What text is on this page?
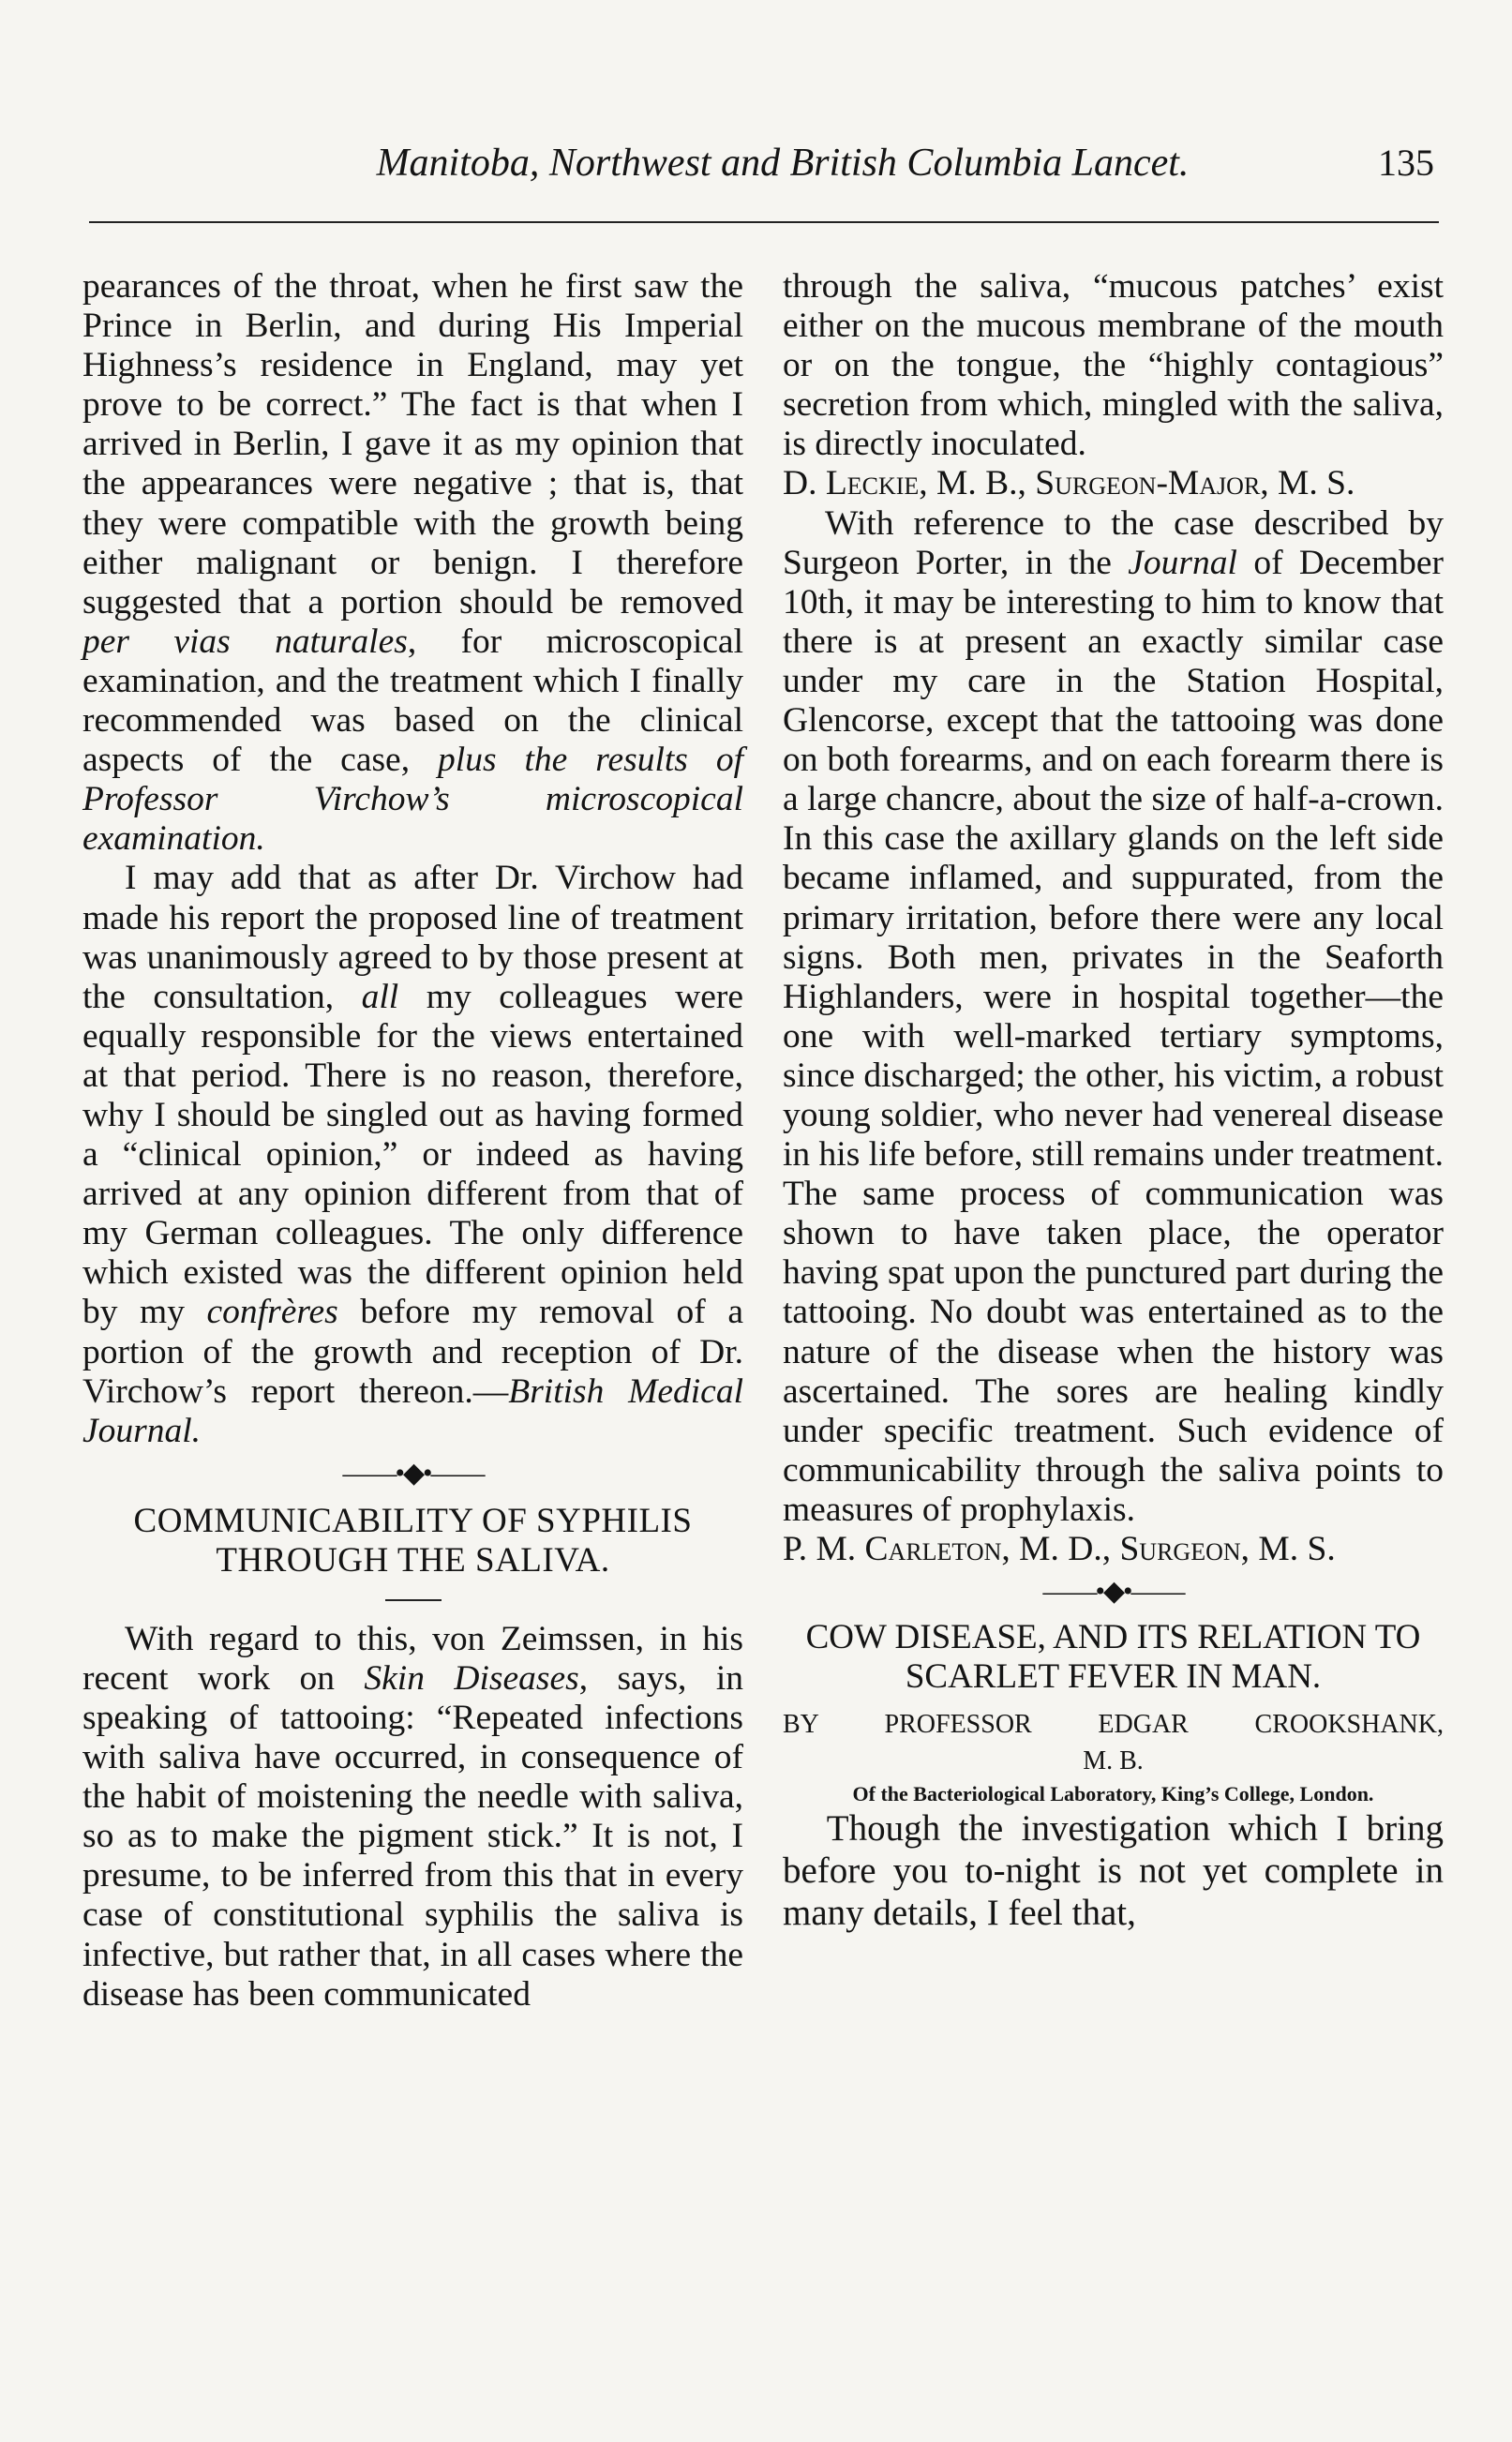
Manitoba, Northwest and British Columbia Lancet.	135

pearances of the throat, when he first saw the Prince in Berlin, and during His Imperial Highness’s residence in England, may yet prove to be correct.” The fact is that when I arrived in Berlin, I gave it as my opinion that the appearances were negative ; that is, that they were compatible with the growth being either malignant or benign. I therefore suggested that a portion should be removed per vias naturales, for microscopical examination, and the treatment which I finally recommended was based on the clinical aspects of the case, plus the results of Professor Virchow’s microscopical examination.

I may add that as after Dr. Virchow had made his report the proposed line of treatment was unanimously agreed to by those present at the consultation, all my colleagues were equally responsible for the views entertained at that period. There is no reason, therefore, why I should be singled out as having formed a “clinical opinion,” or indeed as having arrived at any opinion different from that of my German colleagues. The only difference which existed was the different opinion held by my confrères before my removal of a portion of the growth and reception of Dr. Virchow’s report thereon.—British Medical Journal.

——•◆•——
COMMUNICABILITY OF SYPHILIS THROUGH THE SALIVA.

With regard to this, von Zeimssen, in his recent work on Skin Diseases, says, in speaking of tattooing: “Repeated infections with saliva have occurred, in consequence of the habit of moistening the needle with saliva, so as to make the pigment stick.” It is not, I presume, to be inferred from this that in every case of constitutional syphilis the saliva is infective, but rather that, in all cases where the disease has been communicated

through the saliva, “mucous patches’ exist either on the mucous membrane of the mouth or on the tongue, the “highly contagious” secretion from which, mingled with the saliva, is directly inoculated.

D. Leckie, M. B., Surgeon-Major, M. S.

With reference to the case described by Surgeon Porter, in the Journal of December 10th, it may be interesting to him to know that there is at present an exactly similar case under my care in the Station Hospital, Glencorse, except that the tattooing was done on both forearms, and on each forearm there is a large chancre, about the size of half-a-crown. In this case the axillary glands on the left side became inflamed, and suppurated, from the primary irritation, before there were any local signs. Both men, privates in the Seaforth Highlanders, were in hospital together—the one with well-marked tertiary symptoms, since discharged; the other, his victim, a robust young soldier, who never had venereal disease in his life before, still remains under treatment. The same process of communication was shown to have taken place, the operator having spat upon the punctured part during the tattooing. No doubt was entertained as to the nature of the disease when the history was ascertained. The sores are healing kindly under specific treatment. Such evidence of communicability through the saliva points to measures of prophylaxis.

P. M. Carleton, M. D., Surgeon, M. S.

——•◆•——
COW DISEASE, AND ITS RELATION TO SCARLET FEVER IN MAN.

BY PROFESSOR EDGAR CROOKSHANK,

M. B.

Of the Bacteriological Laboratory, King’s College, London.

Though the investigation which I bring before you to-night is not yet complete in many details, I feel that,
